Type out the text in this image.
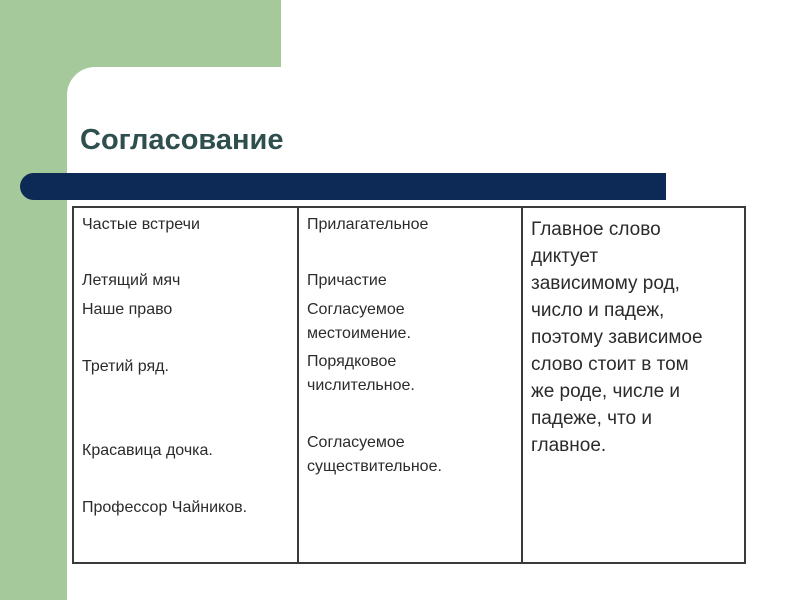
Согласование
Частые встречи
Летящий мяч
Наше право
Третий ряд.
Красавица дочка.
Профессор Чайников.
Прилагательное
Причастие
Согласуемое
местоимение.
Порядковое
числительное.
Согласуемое
существительное.
Главное слово
диктует
зависимому род,
число и падеж,
поэтому зависимое
слово стоит в том
же роде, числе и
падеже, что и
главное.
